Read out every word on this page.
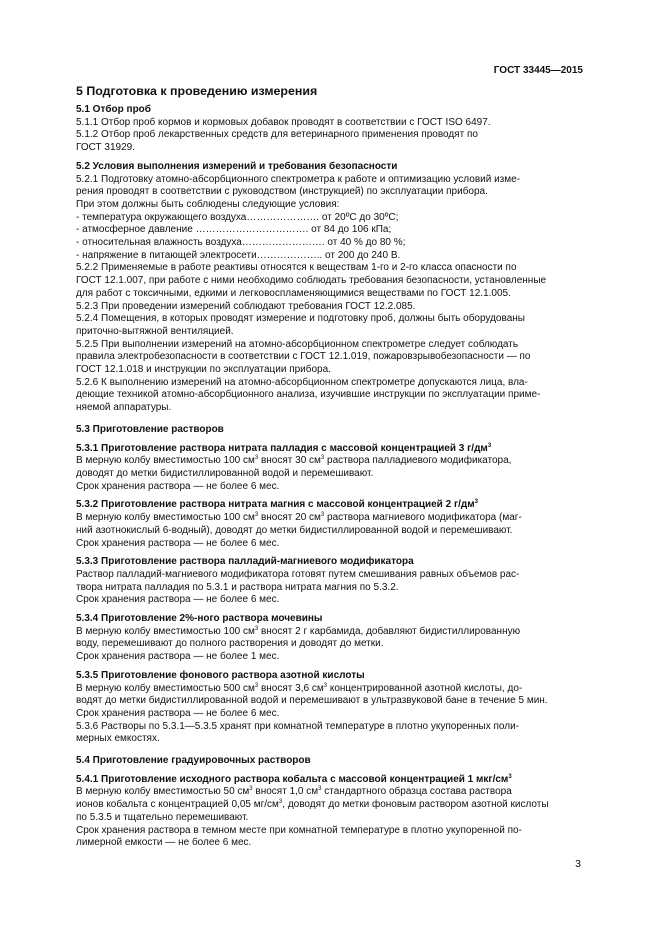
ГОСТ 33445—2015
5 Подготовка к проведению измерения
5.1 Отбор проб
5.1.1 Отбор проб кормов и кормовых добавок проводят в соответствии с ГОСТ ISO 6497.
5.1.2 Отбор проб лекарственных средств для ветеринарного применения проводят по
ГОСТ 31929.
5.2 Условия выполнения измерений и требования безопасности
5.2.1 Подготовку атомно-абсорбционного спектрометра к работе и оптимизацию условий изме-
рения проводят в соответствии с руководством (инструкцией) по эксплуатации прибора.
При этом должны быть соблюдены следующие условия:
- температура окружающего воздуха…………………. от 20ºС до 30ºС;
- атмосферное давление ……………………………. от 84 до 106 кПа;
- относительная влажность воздуха……………………. от 40 % до 80 %;
- напряжение в питающей электросети……………….. от 200 до 240 В.
5.2.2 Применяемые в работе реактивы относятся к веществам 1-го и 2-го класса опасности по
ГОСТ 12.1.007, при работе с ними необходимо соблюдать требования безопасности, установленные
для работ с токсичными, едкими и легковоспламеняющимися веществами по ГОСТ 12.1.005.
5.2.3 При проведении измерений соблюдают требования ГОСТ 12.2.085.
5.2.4 Помещения, в которых проводят измерение и подготовку проб, должны быть оборудованы
приточно-вытяжной вентиляцией.
5.2.5 При выполнении измерений на атомно-абсорбционном спектрометре следует соблюдать
правила электробезопасности в соответствии с ГОСТ 12.1.019, пожаровзрывобезопасности — по
ГОСТ 12.1.018 и инструкции по эксплуатации прибора.
5.2.6 К выполнению измерений на атомно-абсорбционном спектрометре допускаются лица, вла-
деющие техникой атомно-абсорбционного анализа, изучившие инструкции по эксплуатации приме-
няемой аппаратуры.
5.3 Приготовление растворов
5.3.1 Приготовление раствора нитрата палладия с массовой концентрацией 3 $г/дм^3$
В мерную колбу вместимостью 100 $см^3$ вносят 30 $см^3$ раствора палладиевого модификатора,
доводят до метки бидистиллированной водой и перемешивают.
Срок хранения раствора — не более 6 мес.
5.3.2 Приготовление раствора нитрата магния с массовой концентрацией 2 $г/дм^3$
В мерную колбу вместимостью 100 $см^3$ вносят 20 $см^3$ раствора магниевого модификатора (маг-
ний азотнокислый 6-водный), доводят до метки бидистиллированной водой и перемешивают.
Срок хранения раствора — не более 6 мес.
5.3.3 Приготовление раствора палладий-магниевого модификатора
Раствор палладий-магниевого модификатора готовят путем смешивания равных объемов рас-
твора нитрата палладия по 5.3.1 и раствора нитрата магния по 5.3.2.
Срок хранения раствора — не более 6 мес.
5.3.4 Приготовление 2%-ного раствора мочевины
В мерную колбу вместимостью 100 $см^3$ вносят 2 г карбамида, добавляют бидистиллированную
воду, перемешивают до полного растворения и доводят до метки.
Срок хранения раствора — не более 1 мес.
5.3.5 Приготовление фонового раствора азотной кислоты
В мерную колбу вместимостью 500 $см^3$ вносят 3,6 $см^3$ концентрированной азотной кислоты, до-
водят до метки бидистиллированной водой и перемешивают в ультразвуковой бане в течение 5 мин.
Срок хранения раствора — не более 6 мес.
5.3.6 Растворы по 5.3.1—5.3.5 хранят при комнатной температуре в плотно укупоренных поли-
мерных емкостях.
5.4 Приготовление градуировочных растворов
5.4.1 Приготовление исходного раствора кобальта с массовой концентрацией 1 мкг/$см^3$
В мерную колбу вместимостью 50 $см^3$ вносят 1,0 $см^3$ стандартного образца состава раствора
ионов кобальта с концентрацией 0,05 $мг/см^3$, доводят до метки фоновым раствором азотной кислоты
по 5.3.5 и тщательно перемешивают.
Срок хранения раствора в темном месте при комнатной температуре в плотно укупоренной по-
лимерной емкости — не более 6 мес.
3
